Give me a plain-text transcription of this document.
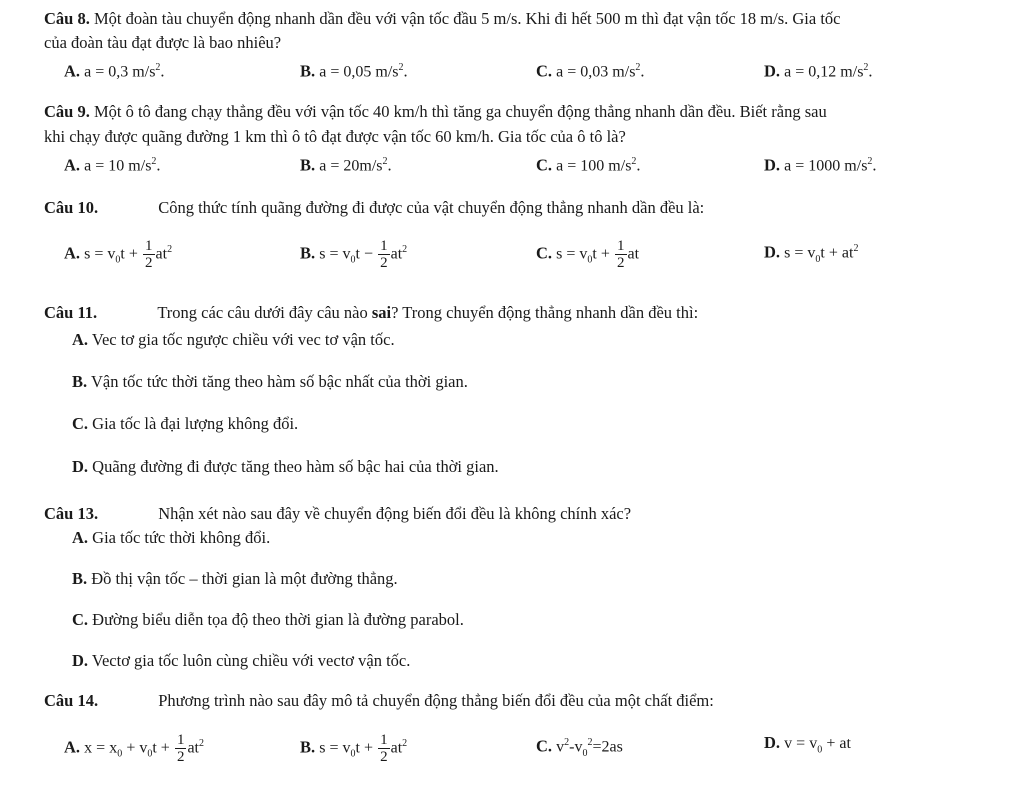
Câu 8. Một đoàn tàu chuyển động nhanh dần đều với vận tốc đầu 5 m/s. Khi đi hết 500 m thì đạt vận tốc 18 m/s. Gia tốc
của đoàn tàu đạt được là bao nhiêu?
A. a = 0,3 $m/s^2$.	B. a = 0,05 $m/s^2$.	C. a = 0,03 $m/s^2$.	D. a = 0,12 $m/s^2$.
Câu 9. Một ô tô đang chạy thẳng đều với vận tốc 40 km/h thì tăng ga chuyển động thẳng nhanh dần đều. Biết rằng sau
khi chạy được quãng đường 1 km thì ô tô đạt được vận tốc 60 km/h. Gia tốc của ô tô là?
A. a = 10 $m/s^2$.	B. $a = 20m/s^2$.	C. a = 100 $m/s^2$.	D. a = 1000 $m/s^2$.
Câu 10.	Công thức tính quãng đường đi được của vật chuyển động thẳng nhanh dần đều là:
A. $s = v_0t + \frac{1}{2} at^2$	B. $s = v_0t - \frac{1}{2} at^2$	C. $s = v_0t + \frac{1}{2}$ at	D. $s = v_0t + at^2$
Câu 11.	Trong các câu dưới đây câu nào sai? Trong chuyển động thẳng nhanh dần đều thì:
A. Vec tơ gia tốc ngược chiều với vec tơ vận tốc.
B. Vận tốc tức thời tăng theo hàm số bậc nhất của thời gian.
C. Gia tốc là đại lượng không đổi.
D. Quãng đường đi được tăng theo hàm số bậc hai của thời gian.
Câu 13.	Nhận xét nào sau đây về chuyển động biến đổi đều là không chính xác?
A. Gia tốc tức thời không đổi.
B. Đồ thị vận tốc – thời gian là một đường thẳng.
C. Đường biểu diễn tọa độ theo thời gian là đường parabol.
D. Vectơ gia tốc luôn cùng chiều với vectơ vận tốc.
Câu 14.	Phương trình nào sau đây mô tả chuyển động thẳng biến đổi đều của một chất điểm:
A. $x = x_0 + v_0t + \frac{1}{2} at^2$	B. $s = v_0t + \frac{1}{2} at^2$	C. $v^2-v_0^2=2as$	D. $v = v_0$ + at
